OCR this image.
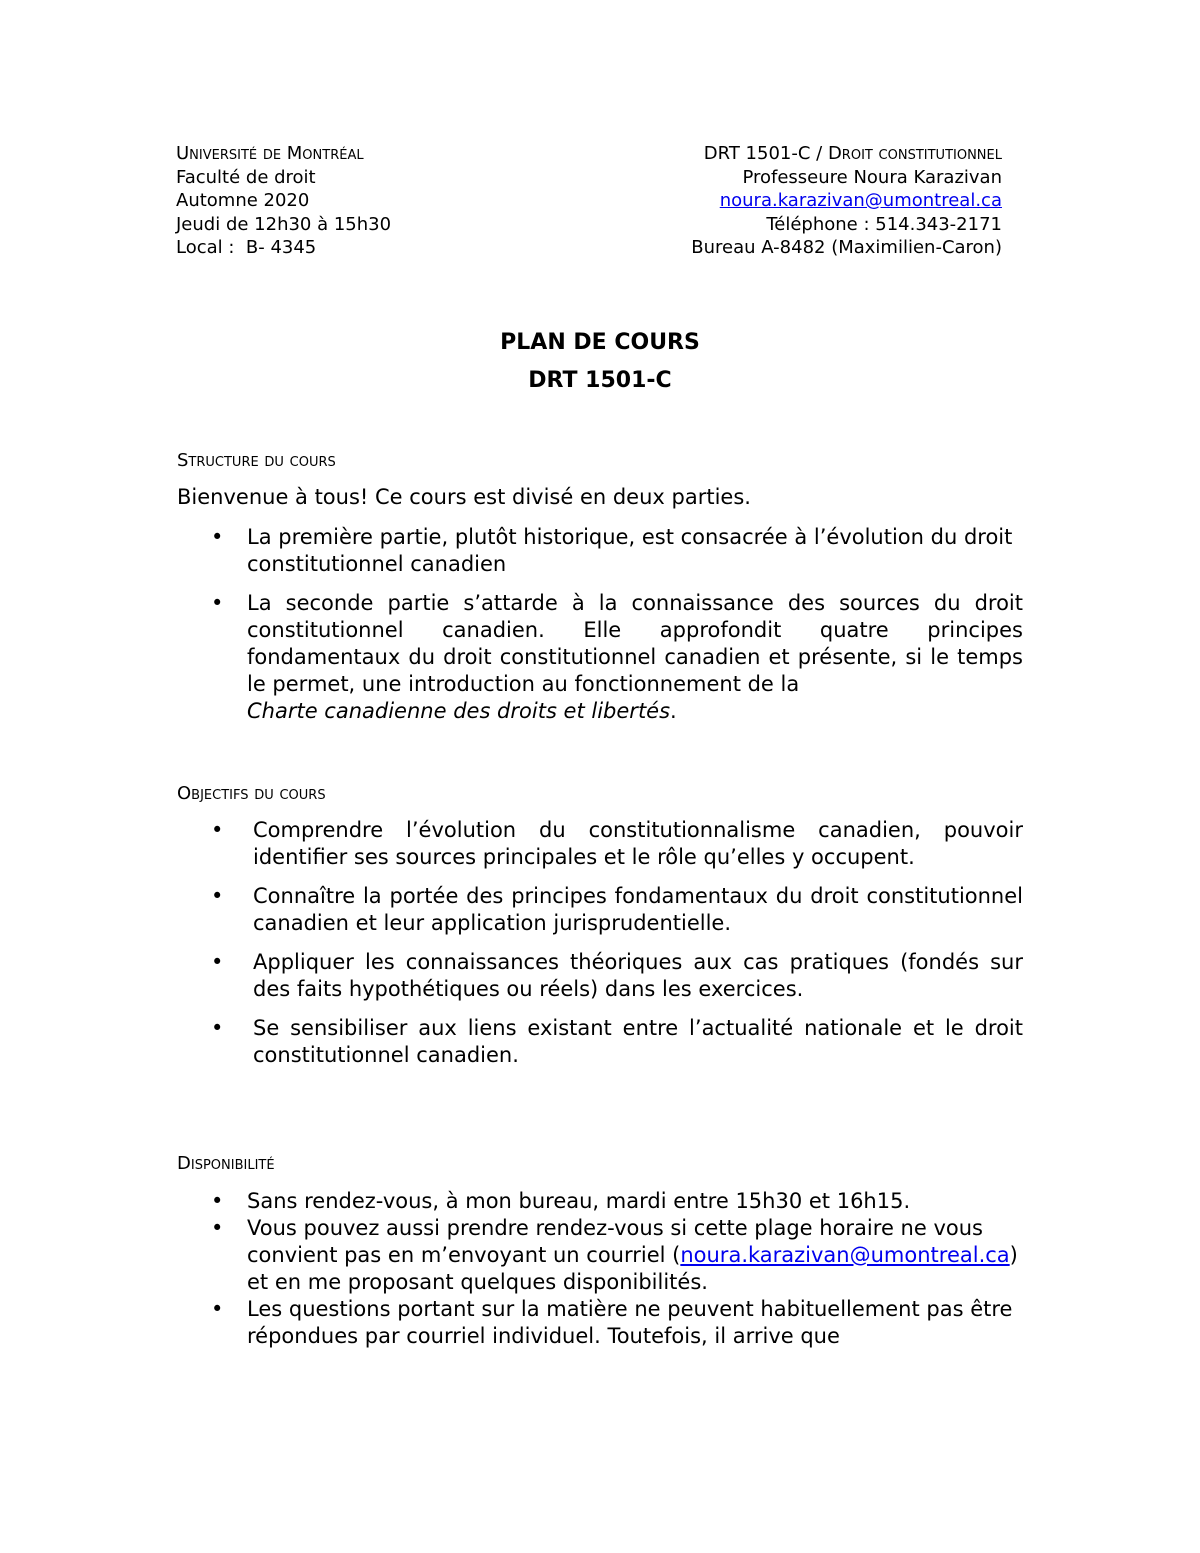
Université de Montréal
Faculté de droit
Automne 2020
Jeudi de 12h30 à 15h30
Local :  B- 4345
DRT 1501-C / Droit constitutionnel
Professeure Noura Karazivan
noura.karazivan@umontreal.ca
Téléphone : 514.343-2171
Bureau A-8482 (Maximilien-Caron)
PLAN DE COURS
DRT 1501-C
Structure du cours
Bienvenue à tous! Ce cours est divisé en deux parties.
• La première partie, plutôt historique, est consacrée à l’évolution du droit constitutionnel canadien
• La seconde partie s’attarde à la connaissance des sources du droit constitutionnel canadien. Elle approfondit quatre principes fondamentaux du droit constitutionnel canadien et présente, si le temps le permet, une introduction au fonctionnement de la
Charte canadienne des droits et libertés.
Objectifs du cours
• Comprendre l’évolution du constitutionnalisme canadien, pouvoir identifier ses sources principales et le rôle qu’elles y occupent.
• Connaître la portée des principes fondamentaux du droit constitutionnel canadien et leur application jurisprudentielle.
• Appliquer les connaissances théoriques aux cas pratiques (fondés sur des faits hypothétiques ou réels) dans les exercices.
• Se sensibiliser aux liens existant entre l’actualité nationale et le droit constitutionnel canadien.
Disponibilité
• Sans rendez-vous, à mon bureau, mardi entre 15h30 et 16h15.
• Vous pouvez aussi prendre rendez-vous si cette plage horaire ne vous convient pas en m’envoyant un courriel (noura.karazivan@umontreal.ca) et en me proposant quelques disponibilités.
• Les questions portant sur la matière ne peuvent habituellement pas être répondues par courriel individuel. Toutefois, il arrive que
